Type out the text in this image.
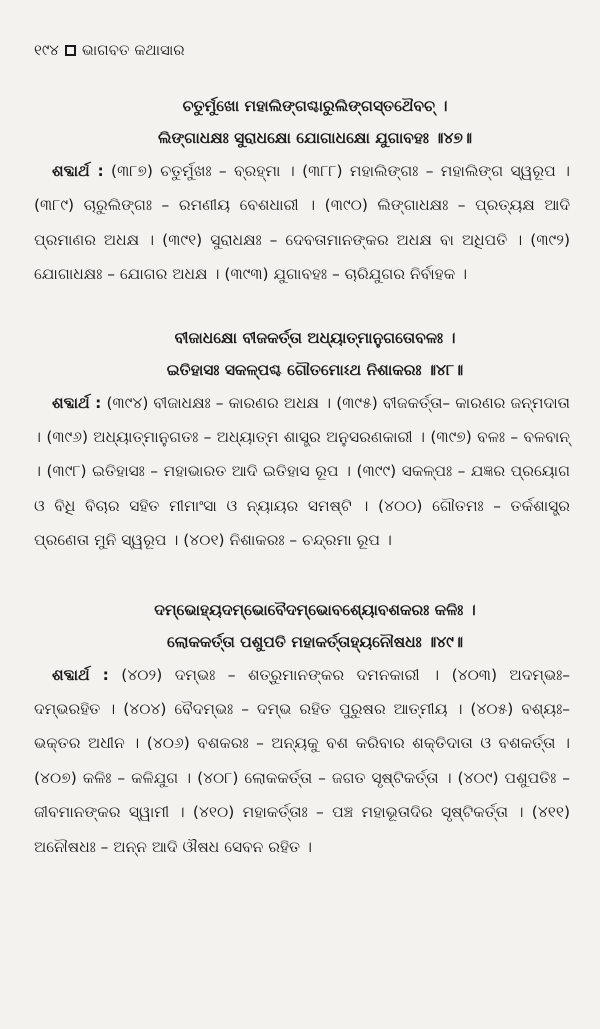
୧୯୪ ଭାଗବତ କଥାସାର
ଚତୁର୍ମୁଖୋ ମହାଲିଙ୍ଗଶ୍ଚାରୁଲିଙ୍ଗସ୍ତଥୈବଚ୍ ।
ଲିଙ୍ଗାଧକ୍ଷଃ ସୁରାଧକ୍ଷୋ ଯୋଗାଧକ୍ଷୋ ଯୁଗାବହଃ ॥୪୭॥

ଶବ୍ଦାର୍ଥ : (୩୮୭) ଚତୁର୍ମୁଖଃ – ବ୍ରହ୍ମା । (୩୮୮) ମହାଲିଙ୍ଗଃ – ମହାଲିଙ୍ଗ ସ୍ୱରୂପ । (୩୮୯) ଚାରୁଲିଙ୍ଗଃ – ରମଣୀୟ ବେଶଧାରୀ । (୩୯୦) ଲିଙ୍ଗାଧକ୍ଷଃ – ପ୍ରତ୍ୟକ୍ଷ ଆଦି ପ୍ରମାଣର ଅଧକ୍ଷ । (୩୯୧) ସୁରାଧକ୍ଷଃ – ଦେବତାମାନଙ୍କର ଅଧକ୍ଷ ବା ଅଧିପତି । (୩୯୨) ଯୋଗାଧକ୍ଷଃ – ଯୋଗର ଅଧକ୍ଷ । (୩୯୩) ଯୁଗାବହଃ – ଚାରିଯୁଗର ନିର୍ବାହକ ।

ବୀଜାଧକ୍ଷୋ ବୀଜକର୍ତ୍ତା ଅଧ୍ୟାତ୍ମାନୁଗତୋବଳଃ ।
ଇତିହାସଃ ସକଳ୍ପଶ୍ଚ ଗୌତମୋଽଥ ନିଶାକରଃ ॥୪୮॥

ଶବ୍ଦାର୍ଥ : (୩୯୪) ବୀଜାଧକ୍ଷଃ – କାରଣର ଅଧକ୍ଷ । (୩୯୫) ବୀଜକର୍ତ୍ତା– କାରଣର ଜନ୍ମଦାତା । (୩୯୬) ଅଧ୍ୟାତ୍ମାନୁଗତଃ – ଅଧ୍ୟାତ୍ମ ଶାସ୍ତ୍ର ଅନୁସରଣକାରୀ । (୩୯୭) ବଳଃ – ବଳବାନ୍ । (୩୯୮) ଇତିହାସଃ – ମହାଭାରତ ଆଦି ଇତିହାସ ରୂପ । (୩୯୯) ସକଳ୍ପଃ – ଯଜ୍ଞର ପ୍ରୟୋଗ ଓ ବିଧି ବିଚାର ସହିତ ମୀମାଂସା ଓ ନ୍ୟାୟର ସମଷ୍ଟି । (୪୦୦) ଗୌତମଃ – ତର୍କଶାସ୍ତ୍ର ପ୍ରଣେତା ମୁନି ସ୍ୱରୂପ । (୪୦୧) ନିଶାକରଃ – ଚନ୍ଦ୍ରମା ରୂପ ।

ଦମ୍ଭୋହ୍ୟଦମ୍ଭୋବୈଦମ୍ଭୋବଶ୍ୟୋବଶକରଃ କଳିଃ ।
ଲୋକକର୍ତ୍ତା ପଶୁପତି ମହାକର୍ତ୍ତାହ୍ୟନୌଷଧଃ ॥୪୯॥

ଶବ୍ଦାର୍ଥ : (୪୦୨) ଦମ୍ଭଃ – ଶତ୍ରୁମାନଙ୍କର ଦମନକାରୀ । (୪୦୩) ଅଦମ୍ଭଃ– ଦମ୍ଭରହିତ । (୪୦୪) ବୈଦମ୍ଭଃ – ଦମ୍ଭ ରହିତ ପୁରୁଷର ଆତ୍ମୀୟ । (୪୦୫) ବଶ୍ୟଃ– ଭକ୍ତର ଅଧୀନ । (୪୦୬) ବଶକରଃ – ଅନ୍ୟକୁ ବଶ କରିବାର ଶକ୍ତିଦାତା ଓ ବଶକର୍ତ୍ତା । (୪୦୭) କଳିଃ – କଳିଯୁଗ । (୪୦୮) ଲୋକକର୍ତ୍ତା – ଜଗତ ସୃଷ୍ଟିକର୍ତ୍ତା । (୪୦୯) ପଶୁପତିଃ – ଜୀବମାନଙ୍କର ସ୍ୱାମୀ । (୪୧୦) ମହାକର୍ତ୍ତାଃ – ପଞ୍ଚ ମହାଭୂତାଦିର ସୃଷ୍ଟିକର୍ତ୍ତା । (୪୧୧) ଅନୌଷଧଃ – ଅନ୍ନ ଆଦି ଔଷଧ ସେବନ ରହିତ ।
